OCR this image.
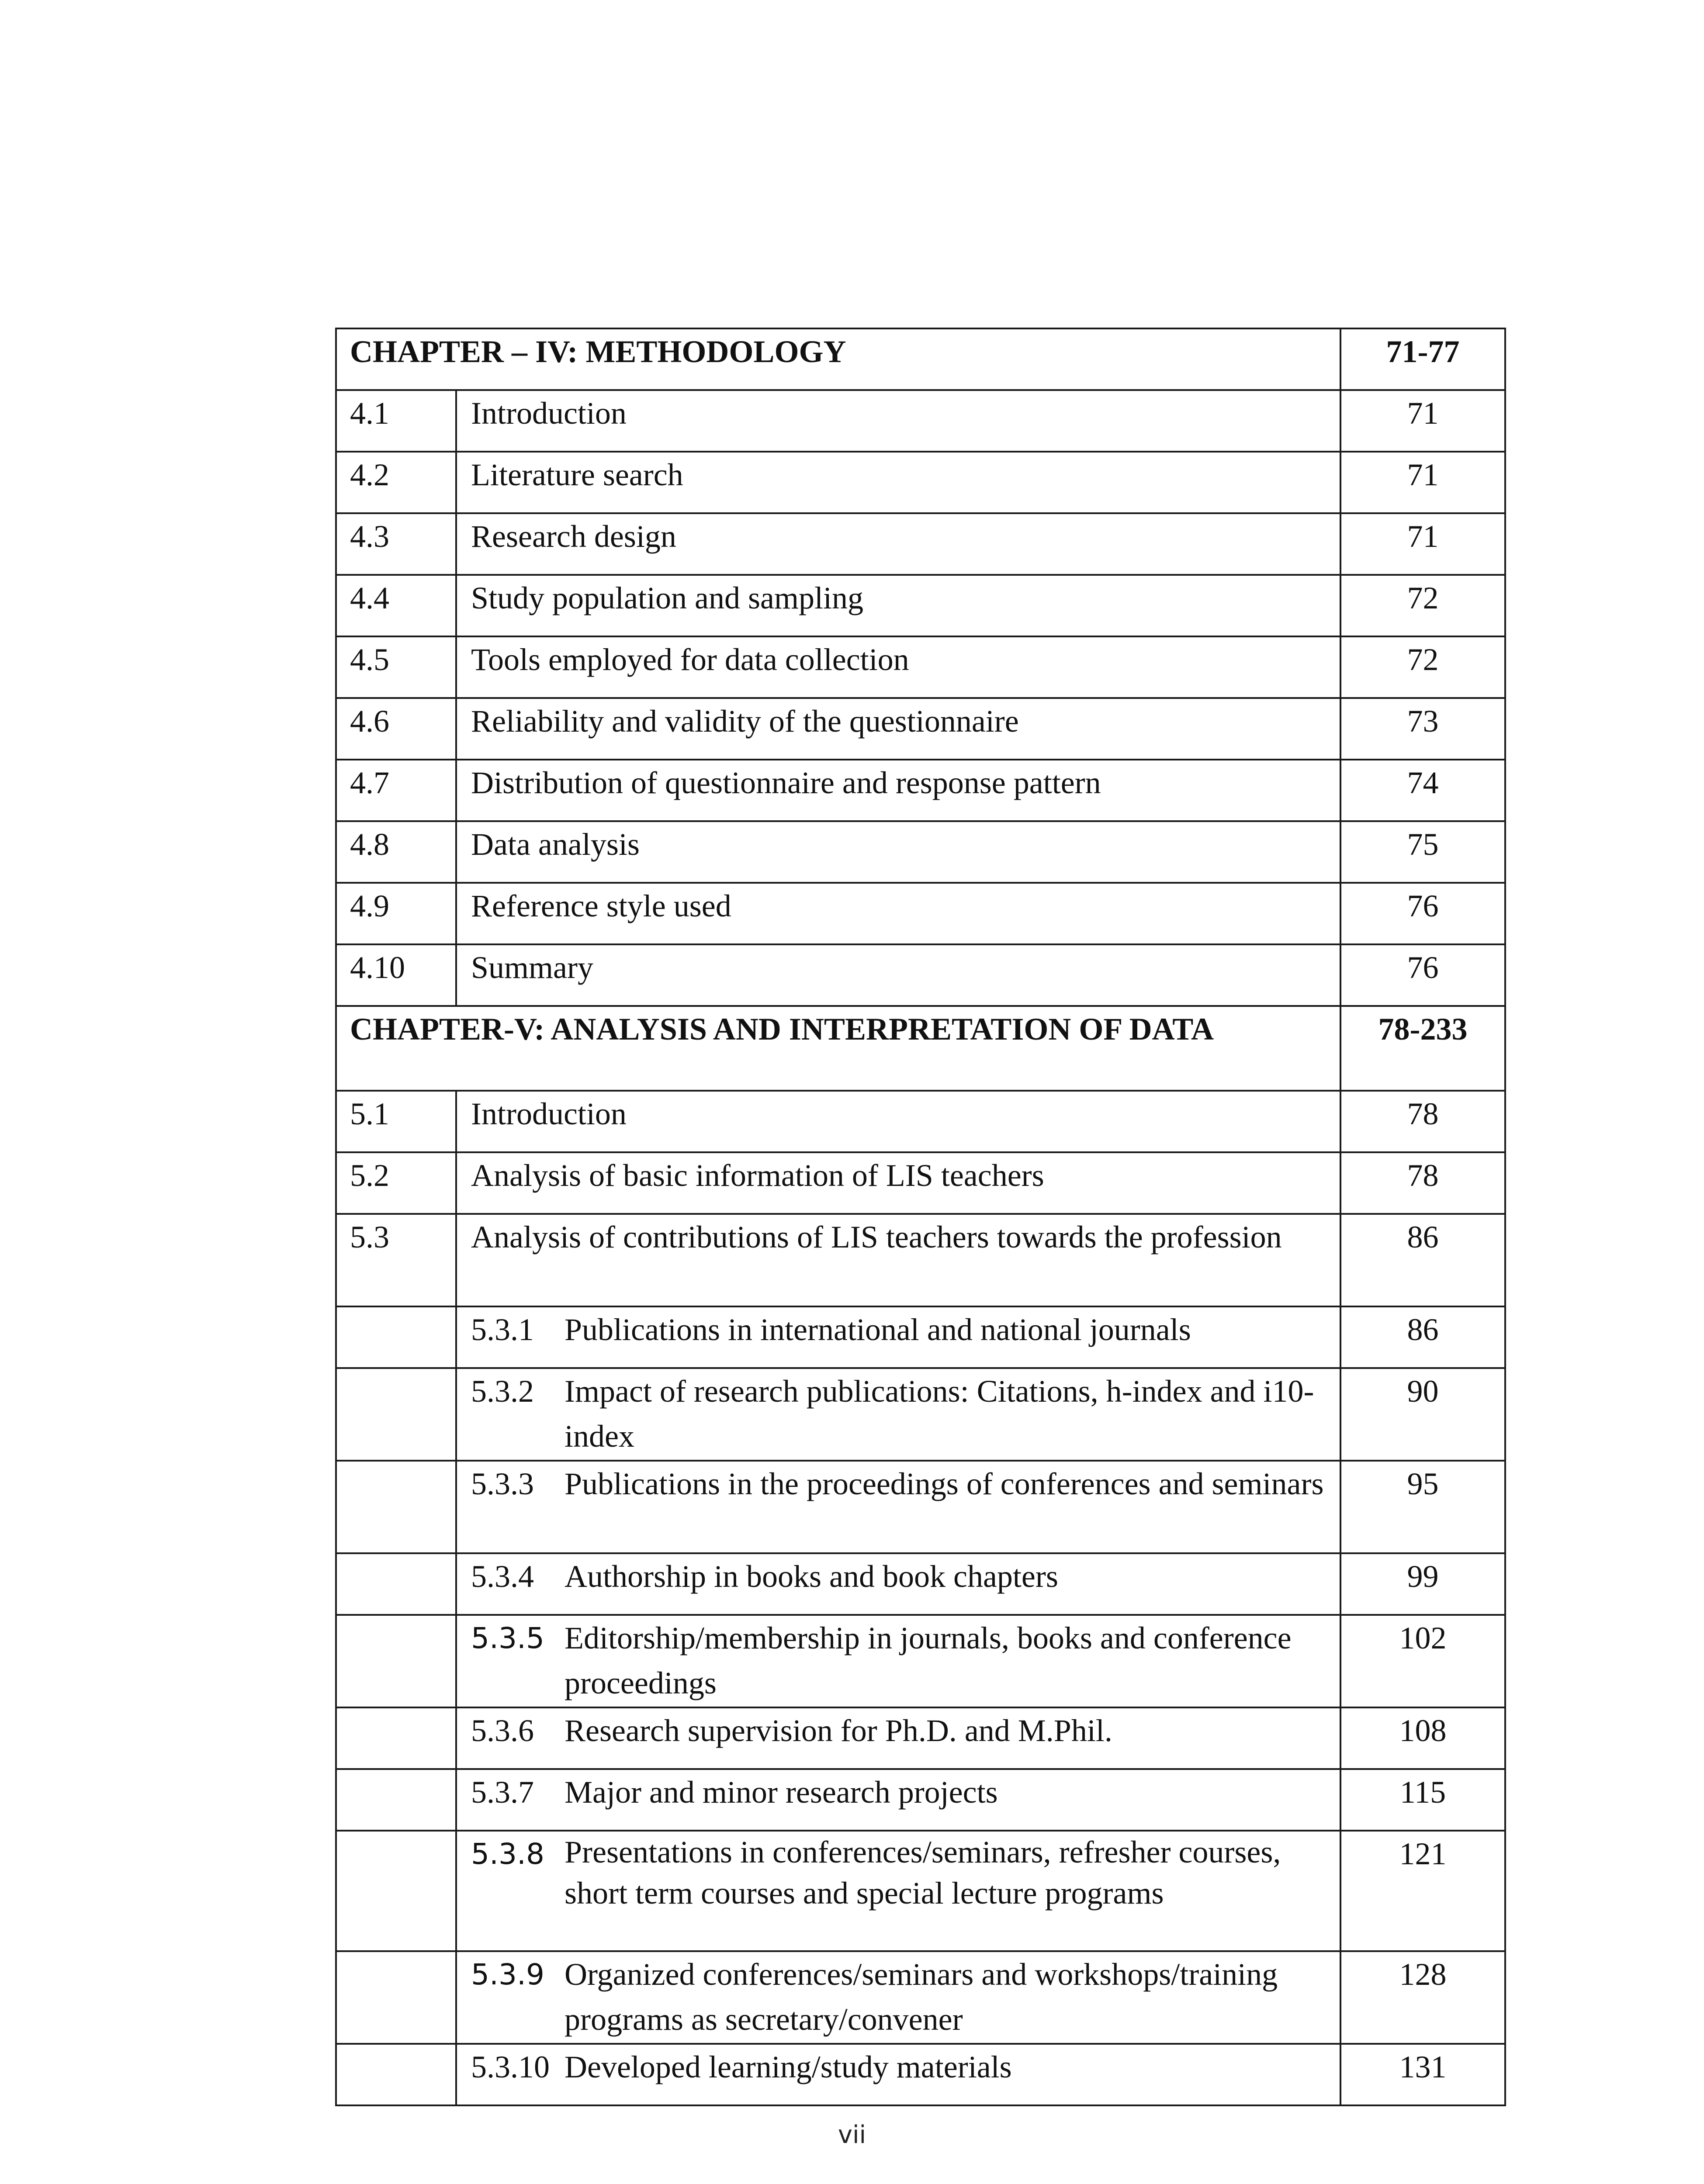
CHAPTER – IV: METHODOLOGY		71-77
4.1	Introduction	71
4.2	Literature search	71
4.3	Research design	71
4.4	Study population and sampling	72
4.5	Tools employed for data collection	72
4.6	Reliability and validity of the questionnaire	73
4.7	Distribution of questionnaire and response pattern	74
4.8	Data analysis	75
4.9	Reference style used	76
4.10	Summary	76
CHAPTER-V: ANALYSIS AND INTERPRETATION OF DATA		78-233
5.1	Introduction	78
5.2	Analysis of basic information of LIS teachers	78
5.3	Analysis of contributions of LIS teachers towards the profession	86

	5.3.1 Publications in international and national journals	86

	5.3.2 Impact of research publications: Citations, h-index and i10-index	90

	5.3.3 Publications in the proceedings of conferences and seminars	95

	5.3.4 Authorship in books and book chapters	99

	5.3.5 Editorship/membership in journals, books and conference proceedings	102

	5.3.6 Research supervision for Ph.D. and M.Phil.	108

	5.3.7 Major and minor research projects	115

	5.3.8 Presentations in conferences/seminars, refresher courses, short term courses and special lecture programs	121

	5.3.9 Organized conferences/seminars and workshops/training programs as secretary/convener	128

	5.3.10 Developed learning/study materials	131
vii
